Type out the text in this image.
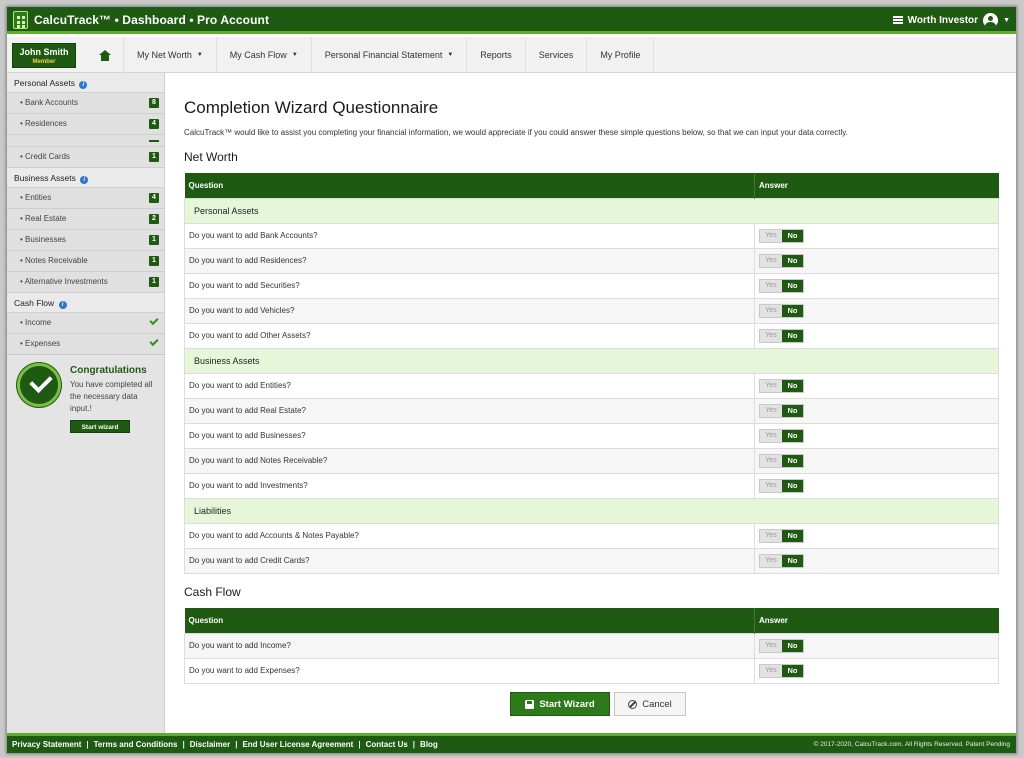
CalcuTrack™ • Dashboard • Pro Account	Worth Investor	▼
John Smith
Member
My Net Worth ▼	My Cash Flow ▼	Personal Financial Statement ▼	Reports	Services	My Profile
Personal Assets i
• Bank Accounts	8
• Residences	4
• Credit Cards	1
Business Assets i
• Entities	4
• Real Estate	2
• Businesses	1
• Notes Receivable	1
• Alternative Investments	1
Cash Flow i
• Income
• Expenses
Congratulations
You have completed all the necessary data input.!
Start wizard
Completion Wizard Questionnaire
CalcuTrack™ would like to assist you completing your financial information, we would appreciate if you could answer these simple questions below, so that we can input your data correctly.
Net Worth
Question	Answer
Personal Assets	
Do you want to add Bank Accounts?	Yes No

Do you want to add Residences?	Yes No

Do you want to add Securities?	Yes No

Do you want to add Vehicles?	Yes No

Do you want to add Other Assets?	Yes No

Business Assets	
Do you want to add Entities?	Yes No

Do you want to add Real Estate?	Yes No

Do you want to add Businesses?	Yes No

Do you want to add Notes Receivable?	Yes No

Do you want to add Investments?	Yes No

Liabilities	
Do you want to add Accounts & Notes Payable?	Yes No

Do you want to add Credit Cards?	Yes No
Cash Flow
Question	Answer
Do you want to add Income?	Yes No

Do you want to add Expenses?	Yes No
Start Wizard	Cancel
Privacy Statement | Terms and Conditions | Disclaimer | End User License Agreement | Contact Us | Blog	© 2017-2020, CalcuTrack.com. All Rights Reserved. Patent Pending
